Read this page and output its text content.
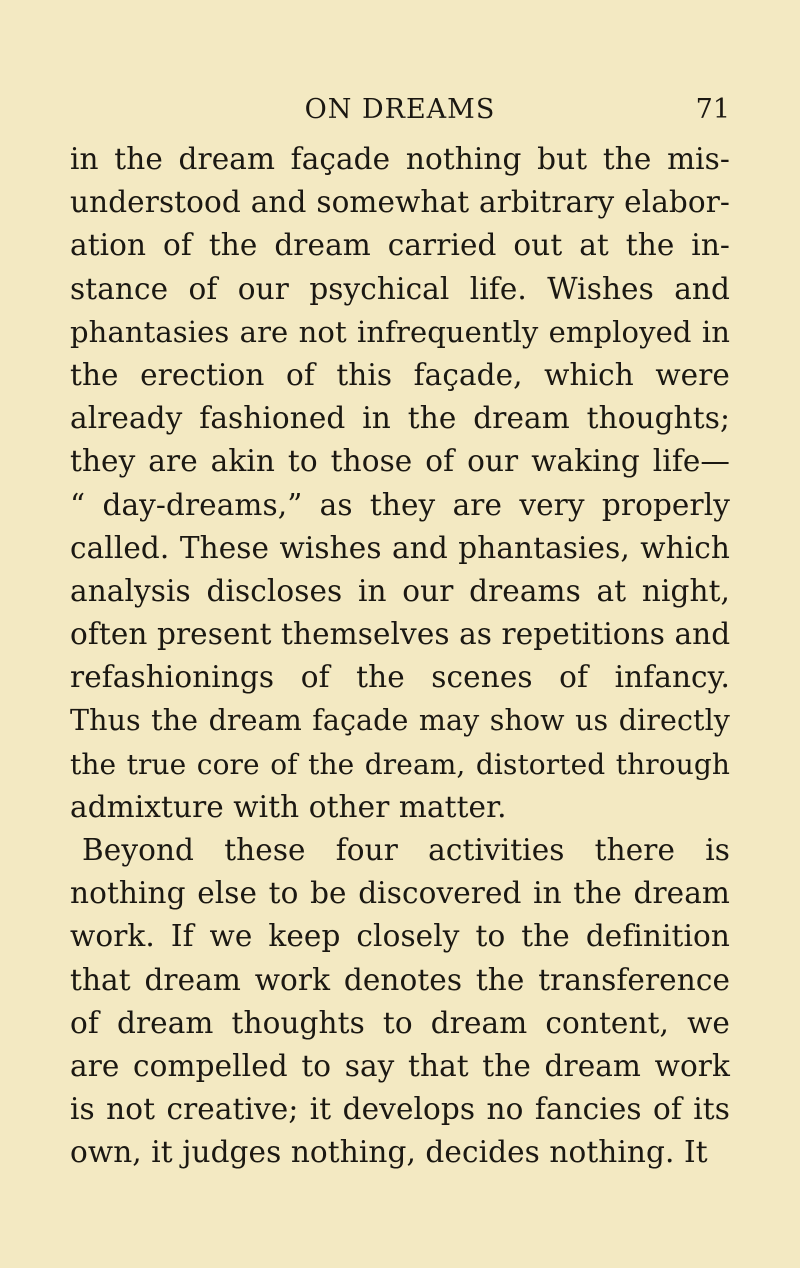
ON DREAMS	71
in the dream façade nothing but the mis-
understood and somewhat arbitrary elabor-
ation of the dream carried out at the in-
stance of our psychical life. Wishes and
phantasies are not infrequently employed in
the erection of this façade, which were
already fashioned in the dream thoughts;
they are akin to those of our waking life—
“ day-dreams,” as they are very properly
called. These wishes and phantasies, which
analysis discloses in our dreams at night,
often present themselves as repetitions and
refashionings of the scenes of infancy.
Thus the dream façade may show us directly
the true core of the dream, distorted through
admixture with other matter.
Beyond these four activities there is
nothing else to be discovered in the dream
work. If we keep closely to the definition
that dream work denotes the transference
of dream thoughts to dream content, we
are compelled to say that the dream work
is not creative; it develops no fancies of its
own, it judges nothing, decides nothing. It
